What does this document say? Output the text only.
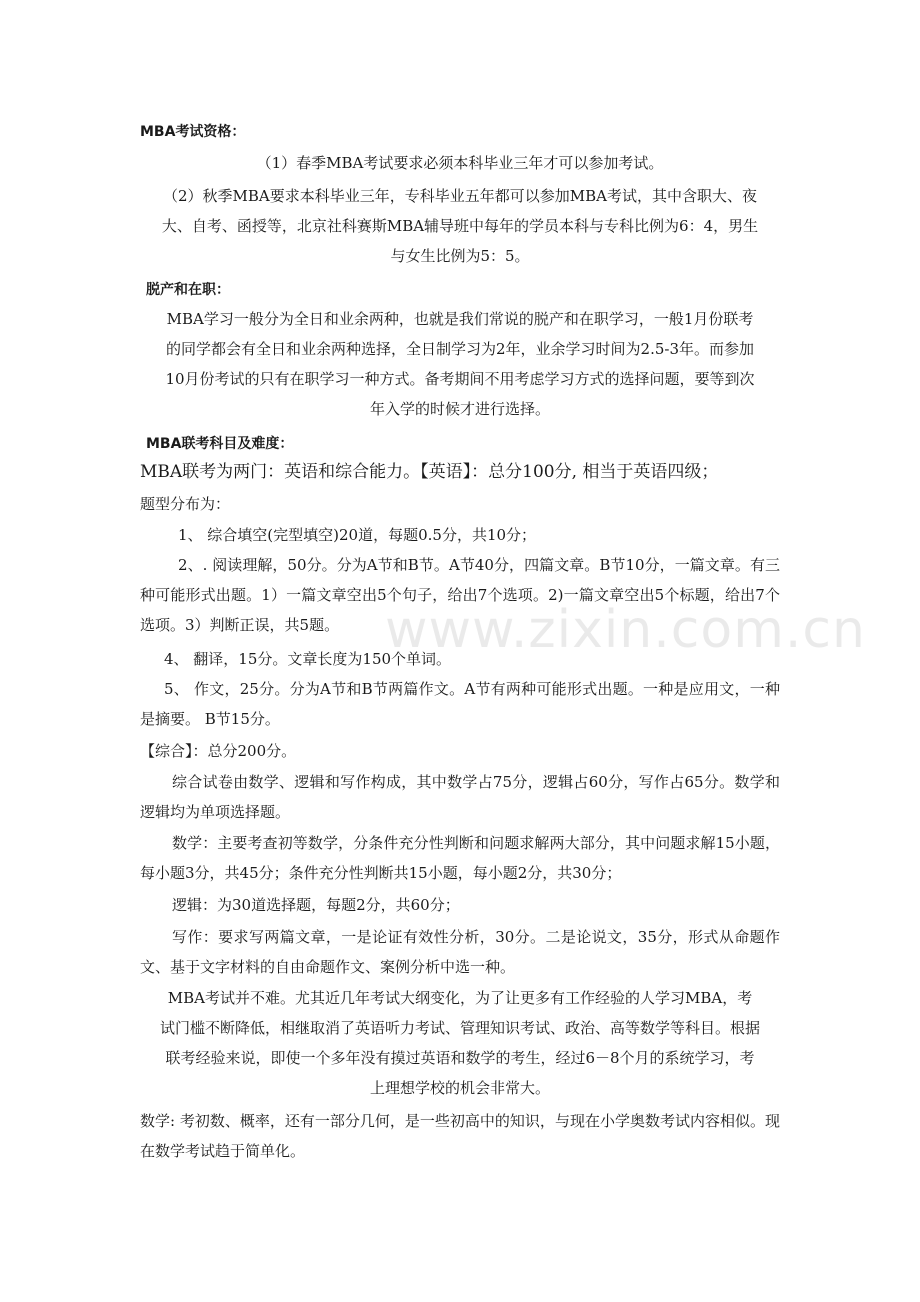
www.zixin.com.cn
MBA考试资格：

（1）春季MBA考试要求必须本科毕业三年才可以参加考试。

（2）秋季MBA要求本科毕业三年，专科毕业五年都可以参加MBA考试，其中含职大、夜

大、自考、函授等，北京社科赛斯MBA辅导班中每年的学员本科与专科比例为6：4，男生

与女生比例为5：5。

脱产和在职：

MBA学习一般分为全日和业余两种，也就是我们常说的脱产和在职学习，一般1月份联考

的同学都会有全日和业余两种选择，全日制学习为2年，业余学习时间为2.5-3年。而参加

10月份考试的只有在职学习一种方式。备考期间不用考虑学习方式的选择问题，要等到次

年入学的时候才进行选择。

MBA联考科目及难度：

MBA联考为两门：英语和综合能力。【英语】：总分100分, 相当于英语四级；

题型分布为：

1、 综合填空(完型填空)20道，每题0.5分，共10分；

2、. 阅读理解，50分。分为A节和B节。A节40分，四篇文章。B节10分，一篇文章。有三种可能形式出题。1）一篇文章空出5个句子，给出7个选项。2)一篇文章空出5个标题，给出7个选项。3）判断正误，共5题。

4、 翻译，15分。文章长度为150个单词。

5、 作文，25分。分为A节和B节两篇作文。A节有两种可能形式出题。一种是应用文，一种是摘要。 B节15分。

【综合】：总分200分。

综合试卷由数学、逻辑和写作构成，其中数学占75分，逻辑占60分，写作占65分。数学和逻辑均为单项选择题。

数学：主要考查初等数学，分条件充分性判断和问题求解两大部分，其中问题求解15小题，每小题3分，共45分；条件充分性判断共15小题，每小题2分，共30分；

逻辑：为30道选择题，每题2分，共60分；

写作：要求写两篇文章，一是论证有效性分析，30分。二是论说文，35分，形式从命题作文、基于文字材料的自由命题作文、案例分析中选一种。

MBA考试并不难。尤其近几年考试大纲变化，为了让更多有工作经验的人学习MBA，考

试门槛不断降低，相继取消了英语听力考试、管理知识考试、政治、高等数学等科目。根据

联考经验来说，即使一个多年没有摸过英语和数学的考生，经过6－8个月的系统学习，考

上理想学校的机会非常大。

数学: 考初数、概率，还有一部分几何，是一些初高中的知识，与现在小学奥数考试内容相似。现在数学考试趋于简单化。
